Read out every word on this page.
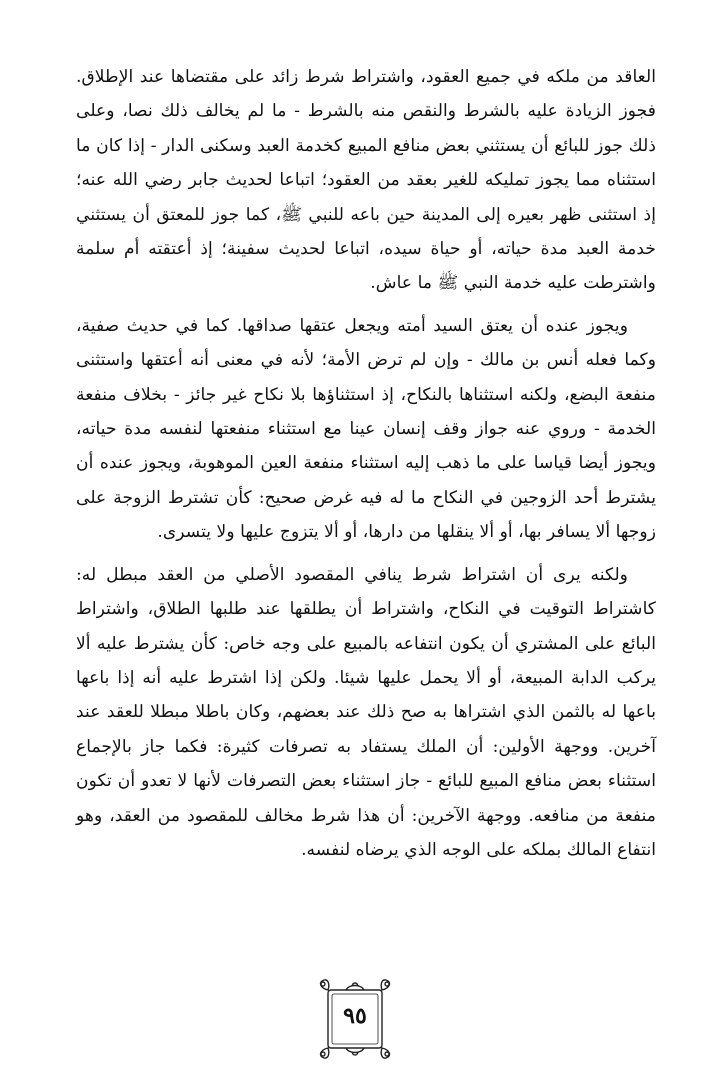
العاقد من ملكه في جميع العقود، واشتراط شرط زائد على مقتضاها عند الإطلاق. فجوز الزيادة عليه بالشرط والنقص منه بالشرط - ما لم يخالف ذلك نصا، وعلى ذلك جوز للبائع أن يستثني بعض منافع المبيع كخدمة العبد وسكنى الدار - إذا كان ما استثناه مما يجوز تمليكه للغير بعقد من العقود؛ اتباعا لحديث جابر رضي الله عنه؛ إذ استثنى ظهر بعيره إلى المدينة حين باعه للنبي ﷺ، كما جوز للمعتق أن يستثني خدمة العبد مدة حياته، أو حياة سيده، اتباعا لحديث سفينة؛ إذ أعتقته أم سلمة واشترطت عليه خدمة النبي ﷺ ما عاش.

ويجوز عنده أن يعتق السيد أمته ويجعل عتقها صداقها. كما في حديث صفية، وكما فعله أنس بن مالك - وإن لم ترض الأمة؛ لأنه في معنى أنه أعتقها واستثنى منفعة البضع، ولكنه استثناها بالنكاح، إذ استثناؤها بلا نكاح غير جائز - بخلاف منفعة الخدمة - وروي عنه جواز وقف إنسان عينا مع استثناء منفعتها لنفسه مدة حياته، ويجوز أيضا قياسا على ما ذهب إليه استثناء منفعة العين الموهوبة، ويجوز عنده أن يشترط أحد الزوجين في النكاح ما له فيه غرض صحيح: كأن تشترط الزوجة على زوجها ألا يسافر بها، أو ألا ينقلها من دارها، أو ألا يتزوج عليها ولا يتسرى.

ولكنه يرى أن اشتراط شرط ينافي المقصود الأصلي من العقد مبطل له: كاشتراط التوقيت في النكاح، واشتراط أن يطلقها عند طلبها الطلاق، واشتراط البائع على المشتري أن يكون انتفاعه بالمبيع على وجه خاص: كأن يشترط عليه ألا يركب الدابة المبيعة، أو ألا يحمل عليها شيئا. ولكن إذا اشترط عليه أنه إذا باعها باعها له بالثمن الذي اشتراها به صح ذلك عند بعضهم، وكان باطلا مبطلا للعقد عند آخرين. ووجهة الأولين: أن الملك يستفاد به تصرفات كثيرة: فكما جاز بالإجماع استثناء بعض منافع المبيع للبائع - جاز استثناء بعض التصرفات لأنها لا تعدو أن تكون منفعة من منافعه. ووجهة الآخرين: أن هذا شرط مخالف للمقصود من العقد، وهو انتفاع المالك بملكه على الوجه الذي يرضاه لنفسه.

٩٥
